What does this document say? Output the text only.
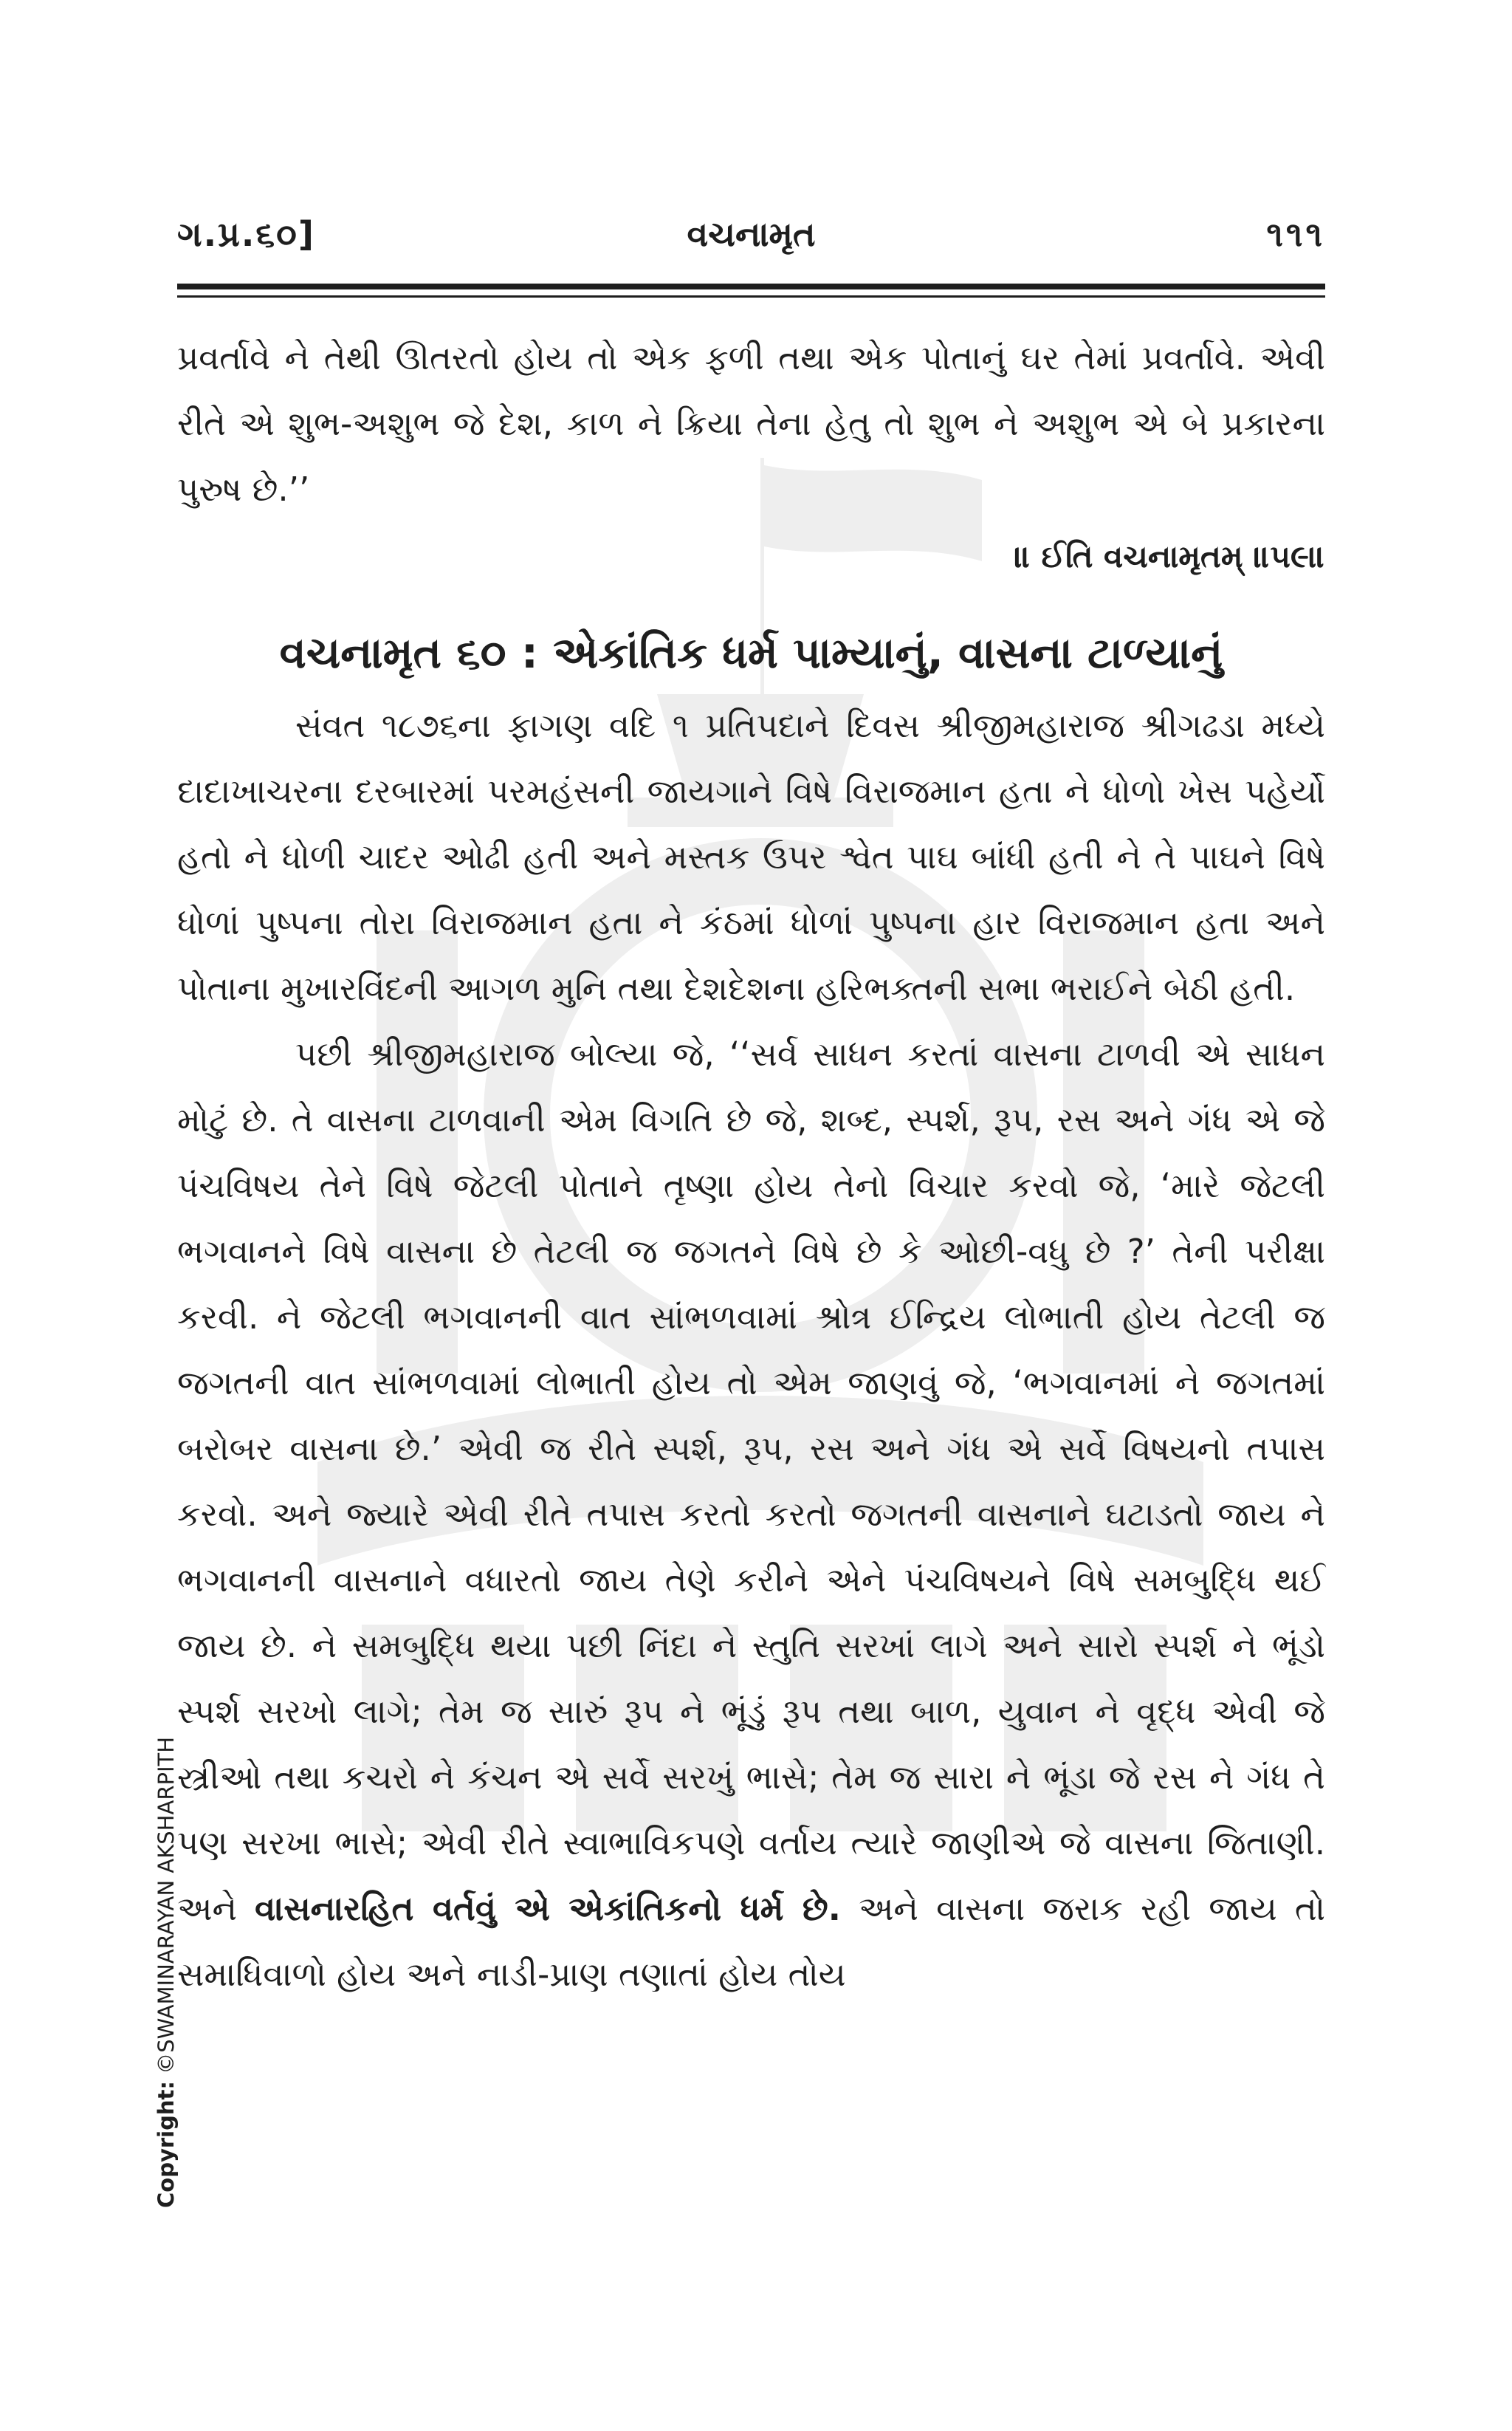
ગ.પ્ર.૬૦]	વચનામૃત	૧૧૧

પ્રવર્તાવે ને તેથી ઊતરતો હોય તો એક ફળી તથા એક પોતાનું ઘર તેમાં પ્રવર્તાવે. એવી રીતે એ શુભ-અશુભ જે દેશ, કાળ ને ક્રિયા તેના હેતુ તો શુભ ને અશુભ એ બે પ્રકારના પુરુષ છે.’’

॥ ઈતિ વચનામૃતમ્ ॥૫૯॥

વચનામૃત ૬૦ : એકાંતિક ધર્મ પામ્યાનું, વાસના ટાળ્યાનું

સંવત ૧૮૭૬ના ફાગણ વદિ ૧ પ્રતિપદાને દિવસ શ્રીજીમહારાજ શ્રીગઢડા મધ્યે દાદાખાચરના દરબારમાં પરમહંસની જાયગાને વિષે વિરાજમાન હતા ને ધોળો ખેસ પહેર્યો હતો ને ધોળી ચાદર ઓઢી હતી અને મસ્તક ઉપર શ્વેત પાઘ બાંધી હતી ને તે પાઘને વિષે ધોળાં પુષ્પના તોરા વિરાજમાન હતા ને કંઠમાં ધોળાં પુષ્પના હાર વિરાજમાન હતા અને પોતાના મુખારવિંદની આગળ મુનિ તથા દેશદેશના હરિભક્તની સભા ભરાઈને બેઠી હતી.

પછી શ્રીજીમહારાજ બોલ્યા જે, ‘‘સર્વ સાધન કરતાં વાસના ટાળવી એ સાધન મોટું છે. તે વાસના ટાળવાની એમ વિગતિ છે જે, શબ્દ, સ્પર્શ, રૂપ, રસ અને ગંધ એ જે પંચવિષય તેને વિષે જેટલી પોતાને તૃષ્ણા હોય તેનો વિચાર કરવો જે, ‘મારે જેટલી ભગવાનને વિષે વાસના છે તેટલી જ જગતને વિષે છે કે ઓછી-વધુ છે ?’ તેની પરીક્ષા કરવી. ને જેટલી ભગવાનની વાત સાંભળવામાં શ્રોત્ર ઈન્દ્રિય લોભાતી હોય તેટલી જ જગતની વાત સાંભળવામાં લોભાતી હોય તો એમ જાણવું જે, ‘ભગવાનમાં ને જગતમાં બરોબર વાસના છે.’ એવી જ રીતે સ્પર્શ, રૂપ, રસ અને ગંધ એ સર્વે વિષયનો તપાસ કરવો. અને જ્યારે એવી રીતે તપાસ કરતો કરતો જગતની વાસનાને ઘટાડતો જાય ને ભગવાનની વાસનાને વધારતો જાય તેણે કરીને એને પંચવિષયને વિષે સમબુદ્ધિ થઈ જાય છે. ને સમબુદ્ધિ થયા પછી નિંદા ને સ્તુતિ સરખાં લાગે અને સારો સ્પર્શ ને ભૂંડો સ્પર્શ સરખો લાગે; તેમ જ સારું રૂપ ને ભૂંડું રૂપ તથા બાળ, યુવાન ને વૃદ્ધ એવી જે સ્ત્રીઓ તથા કચરો ને કંચન એ સર્વે સરખું ભાસે; તેમ જ સારા ને ભૂંડા જે રસ ને ગંધ તે પણ સરખા ભાસે; એવી રીતે સ્વાભાવિકપણે વર્તાય ત્યારે જાણીએ જે વાસના જિતાણી. અને વાસનારહિત વર્તવું એ એકાંતિકનો ધર્મ છે. અને વાસના જરાક રહી જાય તો સમાધિવાળો હોય અને નાડી-પ્રાણ તણાતાં હોય તોય

Copyright: ©SWAMINARAYAN AKSHARPITH
